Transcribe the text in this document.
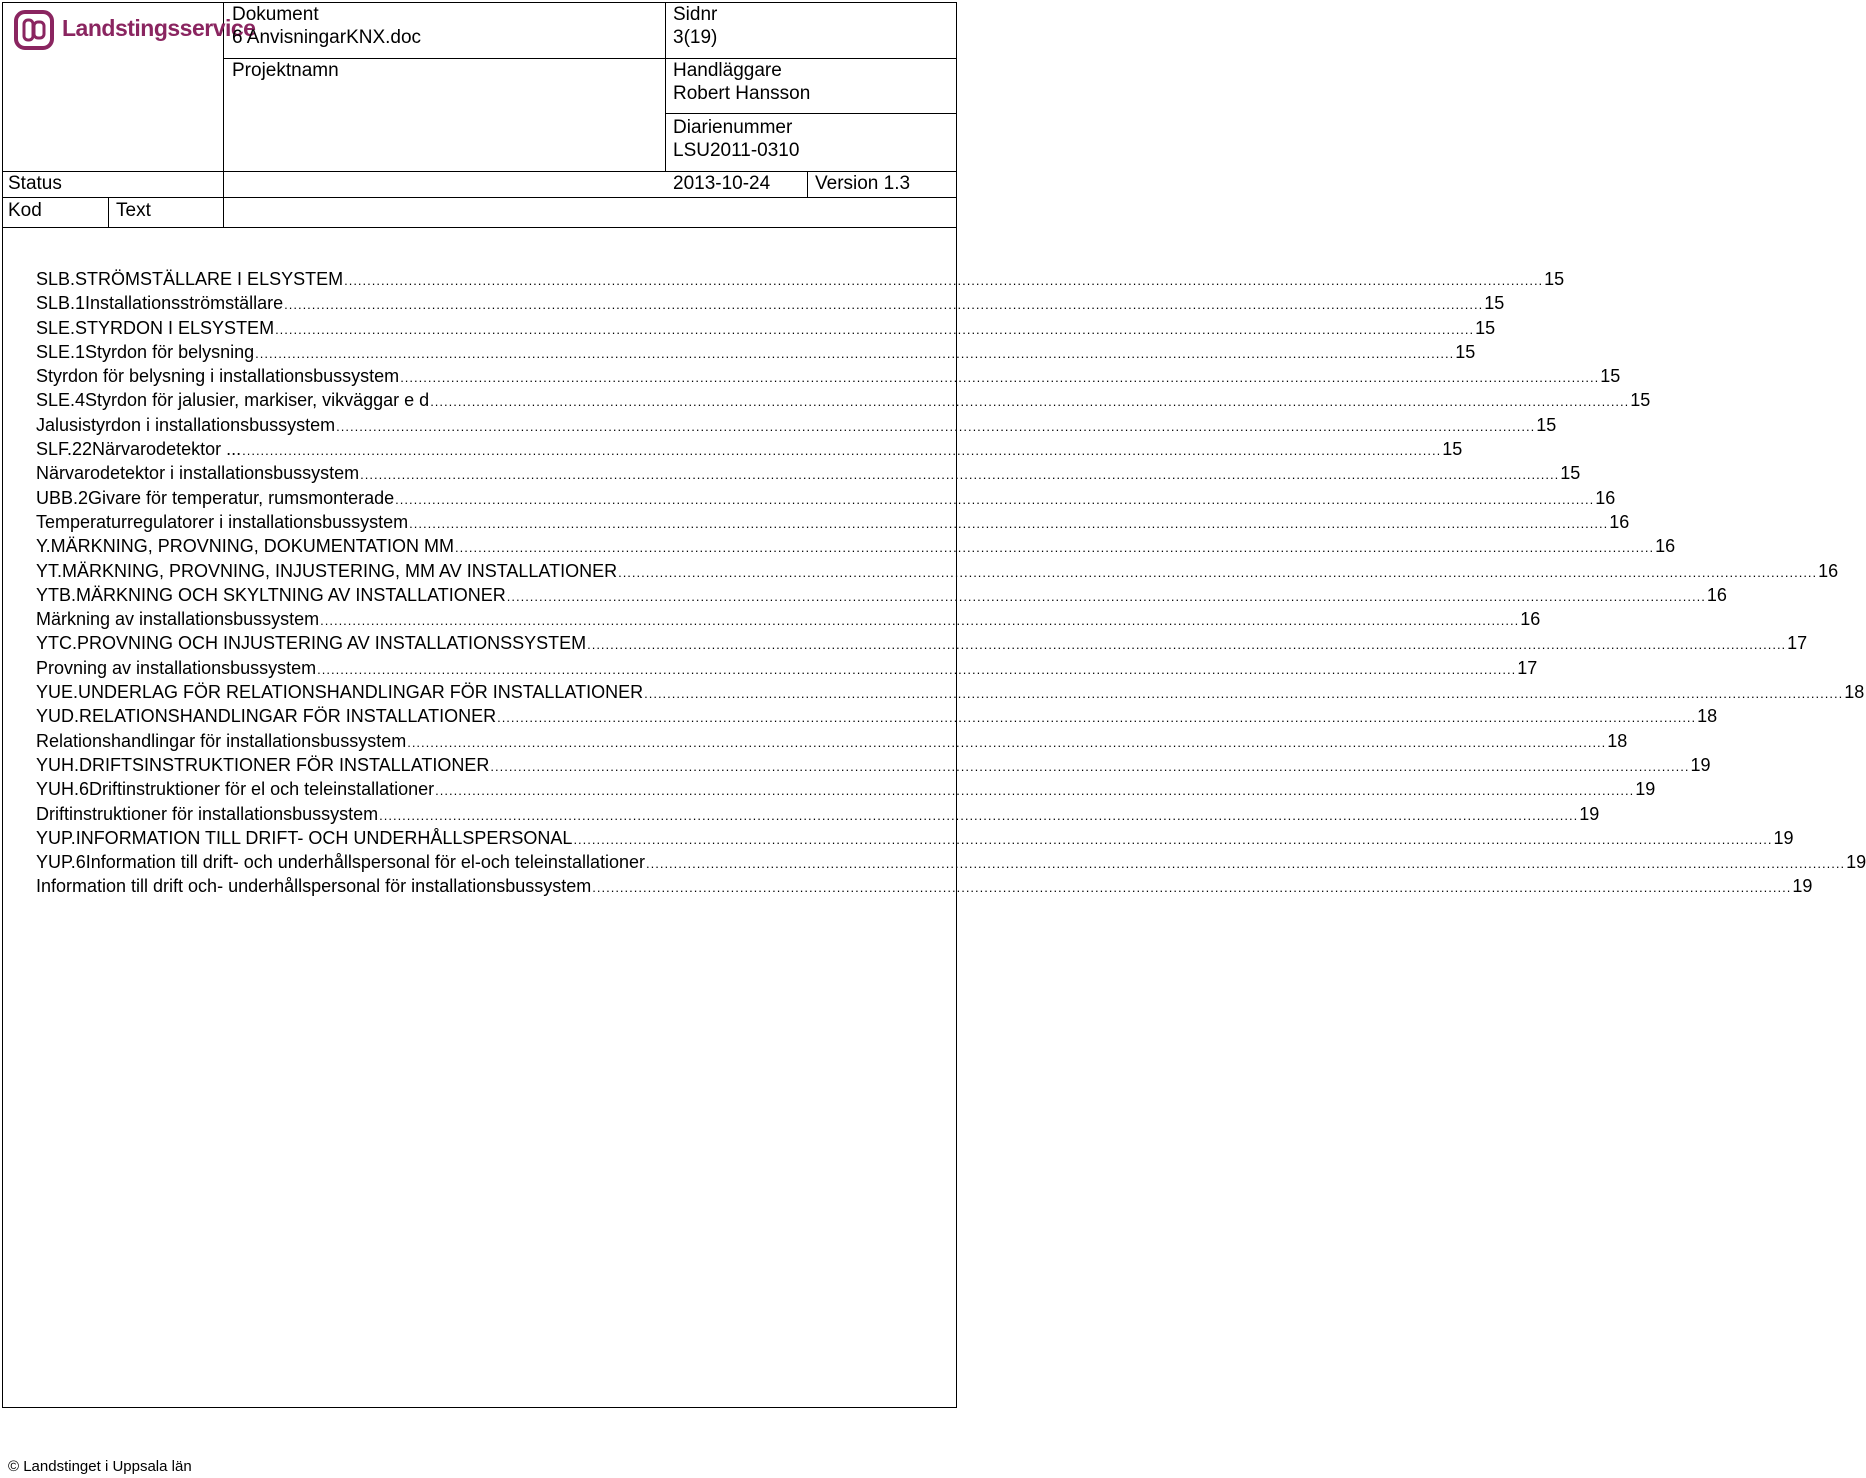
Landstingsservice
Dokument
6 AnvisningarKNX.doc
Sidnr
3(19)
Projektnamn	Handläggare
Robert Hansson
Diarienummer
LSU2011-0310
Status	2013-10-24 Version 1.3
Kod	Text
SLB.STRÖMSTÄLLARE I ELSYSTEM .................................................................................................................................................................................................................................................................... 15
SLB.1Installationsströmställare .................................................................................................................................................................................................................................................................... 15
SLE.STYRDON I ELSYSTEM .................................................................................................................................................................................................................................................................... 15
SLE.1Styrdon för belysning .................................................................................................................................................................................................................................................................... 15
Styrdon för belysning i installationsbussystem .................................................................................................................................................................................................................................................................... 15
SLE.4Styrdon för jalusier, markiser, vikväggar e d .................................................................................................................................................................................................................................................................... 15
Jalusistyrdon i installationsbussystem .................................................................................................................................................................................................................................................................... 15
SLF.22Närvarodetektor ... .................................................................................................................................................................................................................................................................... 15
Närvarodetektor i installationsbussystem .................................................................................................................................................................................................................................................................... 15
UBB.2Givare för temperatur, rumsmonterade .................................................................................................................................................................................................................................................................... 16
Temperaturregulatorer i installationsbussystem .................................................................................................................................................................................................................................................................... 16
Y.MÄRKNING, PROVNING, DOKUMENTATION MM .................................................................................................................................................................................................................................................................... 16
YT.MÄRKNING, PROVNING, INJUSTERING, MM AV INSTALLATIONER .................................................................................................................................................................................................................................................................... 16
YTB.MÄRKNING OCH SKYLTNING AV INSTALLATIONER .................................................................................................................................................................................................................................................................... 16
Märkning av installationsbussystem .................................................................................................................................................................................................................................................................... 16
YTC.PROVNING OCH INJUSTERING AV INSTALLATIONSSYSTEM .................................................................................................................................................................................................................................................................... 17
Provning av installationsbussystem .................................................................................................................................................................................................................................................................... 17
YUE.UNDERLAG FÖR RELATIONSHANDLINGAR FÖR INSTALLATIONER .................................................................................................................................................................................................................................................................... 18
YUD.RELATIONSHANDLINGAR FÖR INSTALLATIONER .................................................................................................................................................................................................................................................................... 18
Relationshandlingar för installationsbussystem .................................................................................................................................................................................................................................................................... 18
YUH.DRIFTSINSTRUKTIONER FÖR INSTALLATIONER .................................................................................................................................................................................................................................................................... 19
YUH.6Driftinstruktioner för el och teleinstallationer .................................................................................................................................................................................................................................................................... 19
Driftinstruktioner för installationsbussystem .................................................................................................................................................................................................................................................................... 19
YUP.INFORMATION TILL DRIFT- OCH UNDERHÅLLSPERSONAL .................................................................................................................................................................................................................................................................... 19
YUP.6Information till drift- och underhållspersonal för el-och teleinstallationer .................................................................................................................................................................................................................................................................... 19
Information till drift och- underhållspersonal för installationsbussystem .................................................................................................................................................................................................................................................................... 19
© Landstinget i Uppsala län
